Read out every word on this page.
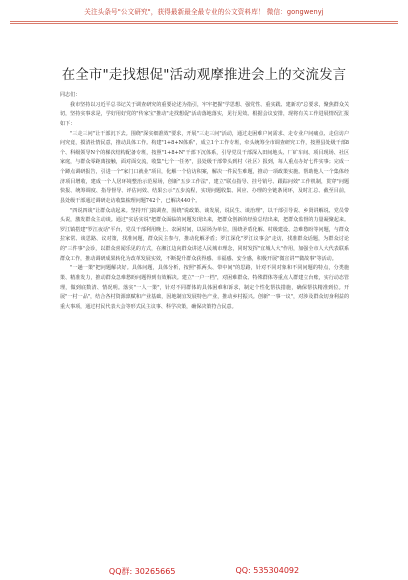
关注头条号"公文研究"，获得最新最全最专业的公文资料库！ 微信：gongwenyj
在全市"走找想促"活动观摩推进会上的交流发言

同志们：

我市坚持以习近平总书记关于调查研究的重要论述为指引，牢牢把握"学思想、强党性、重实践、建新功"总要求，聚焦群众关切，坚持实事求是，学好用好党的"传家宝"推动"走找想促"活动落地落实，见行见效。根据会议安排，现将有关工作进展情况汇报如下：

"三走三问"让干部沉下去。围绕"深实细准效"要求，开展"三走三问"活动，通过走困难户问需求、走专业户问痛点、走信访户问究竟，摸清社情民意，推动具体工作。构建"1+8+N体系"，成立1个工作专班，牵头统筹全市调查研究工作，按照县处级干部8个、科级领导N个的梯次结构配备专班，按照"1+8+N"干部下沉体系，引导党员干部深入田间地头、厂矿车间、项目现场、社区家庭，与群众零距离接触，面对面交流，收集"七个一任务"，县处级干部带头到村（社区）报到，每人重点办好七件实事；完成一个蹲点调研报告，引进一个"家门口就业"项目，化解一个信访积案，解决一件民生难题，推动一项政策实施。帮助他人一个集体经济项目增收，建成一个人居环境整治示范屋场，创新"五步工作法"，建立"联点指导、挂号销号、跟踪问效"工作机制，贯穿"问题快报、统筹调度、指导督导、评估问效、结果公示"五步流程，实现问题收集、回应、办理的全链条闭环，及时汇总、截至目前，县处级干部通过调研走访收集梳理问题742个，已解决440个。

"四说四谈"让群众动起来。坚持开门搞调查，围绕"说政策、谈发展，说民生、谈治理"，以干部引导说、乡贤讲解说、党员带头说，激发群众主动谈。通过"实话实说"把群众面临的问题发现出来，把群众创新的经验总结出来，把群众监督的力量凝聚起来。罗江镇搭建"罗江夜话"平台，党员干部利用晚上、农闲时间，以屋场为单位，围绕矛盾化解、村级建设、急难愁盼等问题，与群众拉家常、谈思路、议对策，找准问题，群众民主参与，推动化解矛盾；罗江深化"罗江议事会"走访，找准群众话题，为群众讨论的"三件事"会诊，以群众喜闻乐见的方式，在湘江边向群众讲述人民城市理念，同时发挥"宜城人大"作用，加强全市人大代表联系群众工作，推动调研成果转化为改革发展实效，不断提升群众获得感、幸福感、安全感，积极开展"微宣讲""微故事"等活动。

"一趟一策"把问题解决好。具体问题，具体分析，按照"抓两头、带中间"的思路，针对不同对象和不同问题的特点，分类施策、精准发力，推动群众急难愁盼问题得到有效解决。建立"一户一档"，对困难群众、特殊群体等重点人群建立台账，实行动态管理，做到底数清、情况明。落实"一人一策"，针对不同群体的具体困难和诉求，制定个性化帮扶措施，确保帮扶精准到位。开展"一村一品"，结合各村资源禀赋和产业基础，因地制宜发展特色产业，推动乡村振兴。创新"一事一议"，对涉及群众切身利益的重大事项，通过村民代表大会等形式民主议事、科学决策，确保决策符合民意。

QQ群: 30265665	QQ: 535304092
